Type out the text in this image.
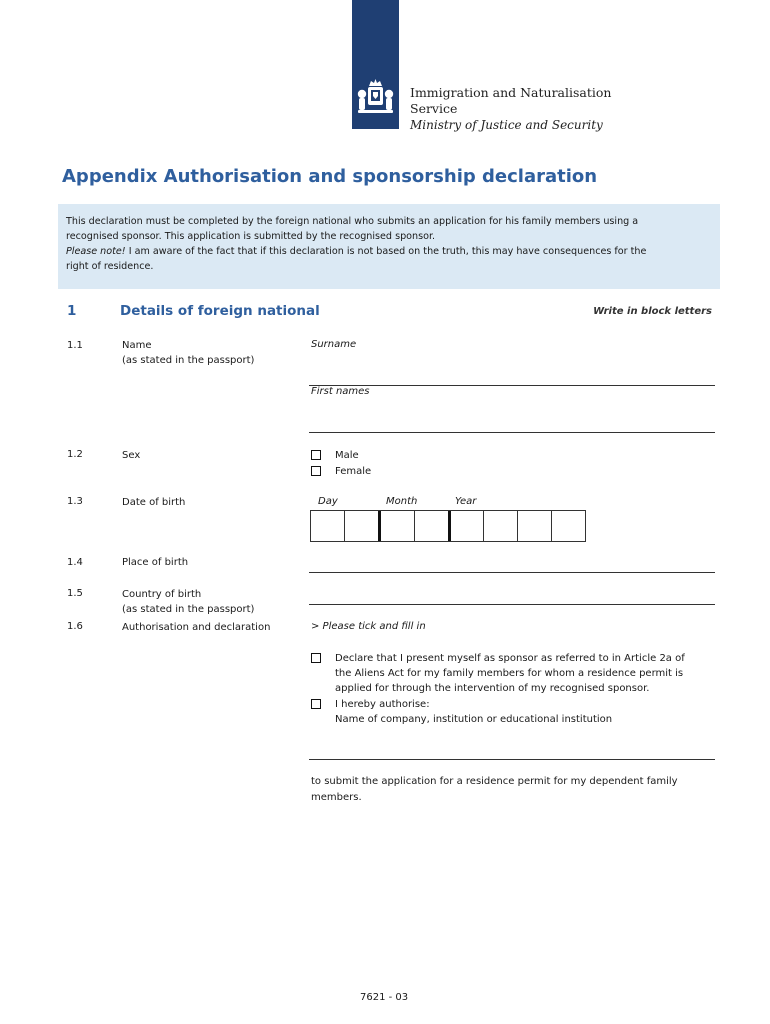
Immigration and Naturalisation
Service
Ministry of Justice and Security
Appendix Authorisation and sponsorship declaration
This declaration must be completed by the foreign national who submits an application for his family members using a
recognised sponsor. This application is submitted by the recognised sponsor.
Please note! I am aware of the fact that if this declaration is not based on the truth, this may have consequences for the
right of residence.
1	Details of foreign national	Write in block letters
1.1	Name
(as stated in the passport)
Surname
First names
1.2	Sex	Male
Female
1.3	Date of birth	Day	Month	Year
1.4	Place of birth
1.5	Country of birth
(as stated in the passport)
1.6	Authorisation and declaration	> Please tick and fill in
Declare that I present myself as sponsor as referred to in Article 2a of
the Aliens Act for my family members for whom a residence permit is
applied for through the intervention of my recognised sponsor.
I hereby authorise:
Name of company, institution or educational institution
to submit the application for a residence permit for my dependent family
members.
7621 - 03
